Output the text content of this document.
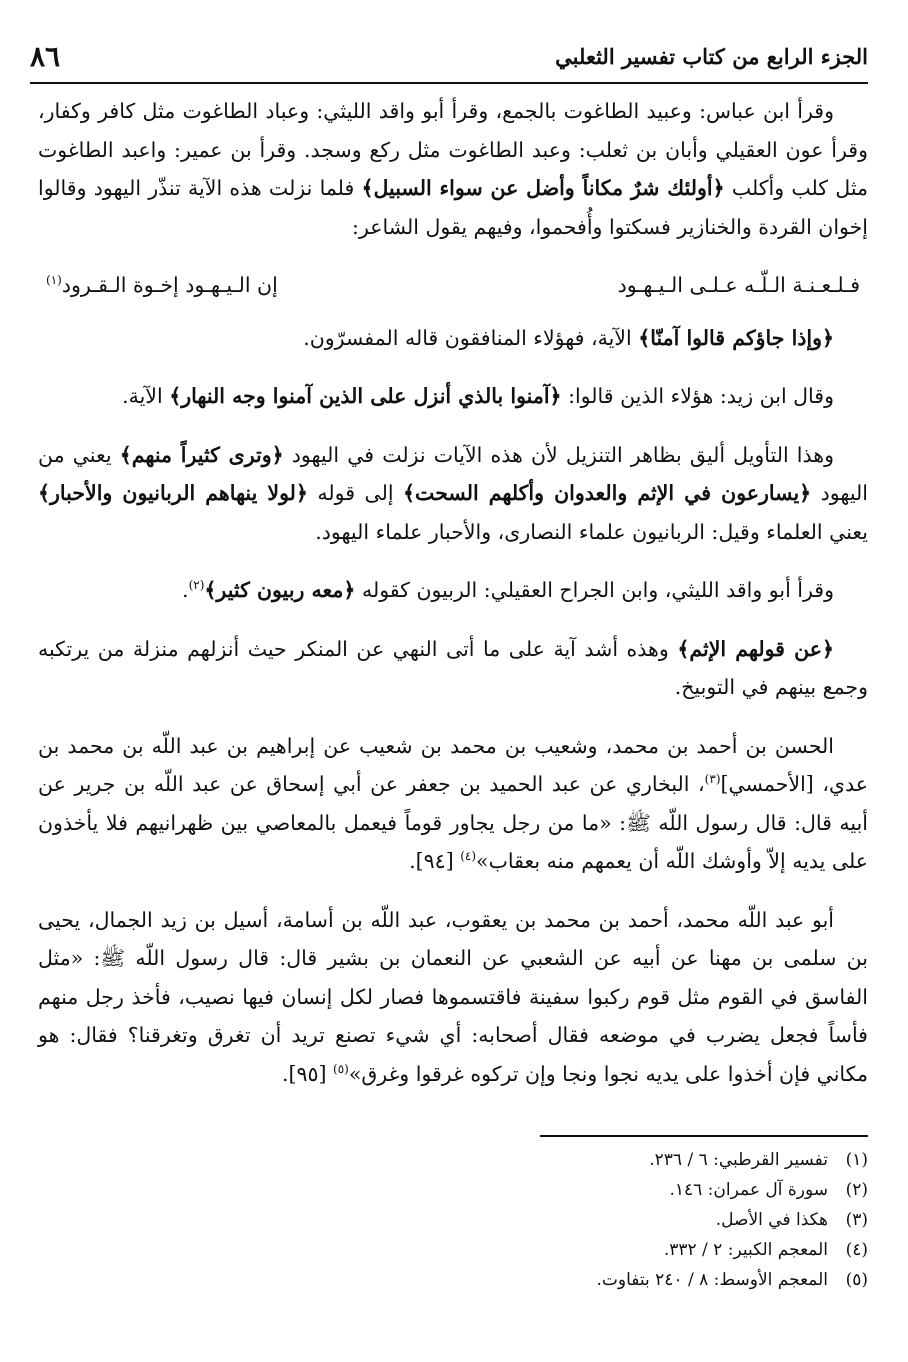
الجزء الرابع من كتاب تفسير الثعلبي
٨٦

وقرأ ابن عباس: وعبيد الطاغوت بالجمع، وقرأ أبو واقد الليثي: وعباد الطاغوت مثل كافر وكفار، وقرأ عون العقيلي وأبان بن ثعلب: وعبد الطاغوت مثل ركع وسجد. وقرأ بن عمير: واعبد الطاغوت مثل كلب وأكلب ﴿أولئك شرٌ مكاناً وأضل عن سواء السبيل﴾ فلما نزلت هذه الآية تنذّر اليهود وقالوا إخوان القردة والخنازير فسكتوا وأُفحموا، وفيهم يقول الشاعر:

فـلـعـنـة الـلّـه عـلـى الـيـهـود
إن الـيـهـود إخـوة الـقـرود$^{(١)}$

﴿وإذا جاؤكم قالوا آمنّا﴾ الآية، فهؤلاء المنافقون قاله المفسرّون.

وقال ابن زيد: هؤلاء الذين قالوا: ﴿آمنوا بالذي أنزل على الذين آمنوا وجه النهار﴾ الآية.

وهذا التأويل أليق بظاهر التنزيل لأن هذه الآيات نزلت في اليهود ﴿وترى كثيراً منهم﴾ يعني من اليهود ﴿يسارعون في الإثم والعدوان وأكلهم السحت﴾ إلى قوله ﴿لولا ينهاهم الربانيون والأحبار﴾ يعني العلماء وقيل: الربانيون علماء النصارى، والأحبار علماء اليهود.

وقرأ أبو واقد الليثي، وابن الجراح العقيلي: الربيون كقوله ﴿معه ربيون كثير﴾$^{(٢)}$.

﴿عن قولهم الإثم﴾ وهذه أشد آية على ما أتى النهي عن المنكر حيث أنزلهم منزلة من يرتكبه وجمع بينهم في التوبيخ.

الحسن بن أحمد بن محمد، وشعيب بن محمد بن شعيب عن إبراهيم بن عبد اللّه بن محمد بن عدي، [الأحمسي]$^{(٣)}$، البخاري عن عبد الحميد بن جعفر عن أبي إسحاق عن عبد اللّه بن جرير عن أبيه قال: قال رسول اللّه ﷺ: «ما من رجل يجاور قوماً فيعمل بالمعاصي بين ظهرانيهم فلا يأخذون على يديه إلاّ وأوشك اللّه أن يعمهم منه بعقاب»$^{(٤)}$ [٩٤].

أبو عبد اللّه محمد، أحمد بن محمد بن يعقوب، عبد اللّه بن أسامة، أسيل بن زيد الجمال، يحيى بن سلمى بن مهنا عن أبيه عن الشعبي عن النعمان بن بشير قال: قال رسول اللّه ﷺ: «مثل الفاسق في القوم مثل قوم ركبوا سفينة فاقتسموها فصار لكل إنسان فيها نصيب، فأخذ رجل منهم فأساً فجعل يضرب في موضعه فقال أصحابه: أي شيء تصنع تريد أن تغرق وتغرقنا؟ فقال: هو مكاني فإن أخذوا على يديه نجوا ونجا وإن تركوه غرقوا وغرق»$^{(٥)}$ [٩٥].

(١)
تفسير القرطبي: ٦ / ٢٣٦.
(٢)
سورة آل عمران: ١٤٦.
(٣)
هكذا في الأصل.
(٤)
المعجم الكبير: ٢ / ٣٣٢.
(٥)
المعجم الأوسط: ٨ / ٢٤٠ بتفاوت.
